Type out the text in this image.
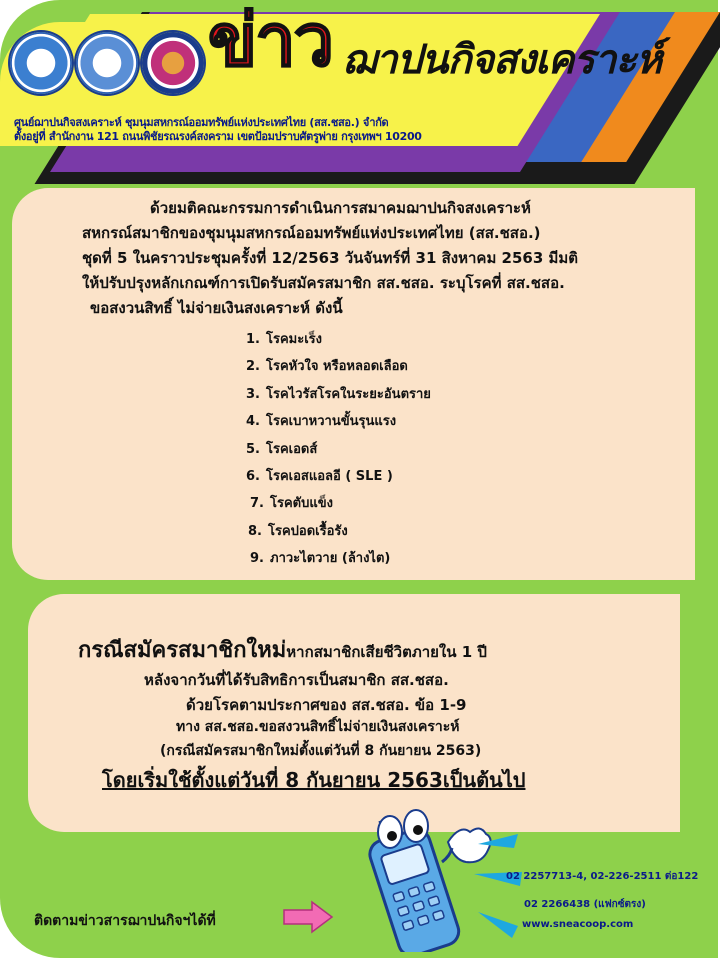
ข่าว ฌาปนกิจสงเคราะห์
ศูนย์ฌาปนกิจสงเคราะห์ ชุมนุมสหกรณ์ออมทรัพย์แห่งประเทศไทย (สส.ชสอ.) จำกัด
ตั้งอยู่ที่ สำนักงาน 121 ถนนพิชัยรณรงค์สงคราม เขตป้อมปราบศัตรูพ่าย กรุงเทพฯ 10200
ด้วยมติคณะกรรมการดำเนินการสมาคมฌาปนกิจสงเคราะห์
สหกรณ์สมาชิกของชุมนุมสหกรณ์ออมทรัพย์แห่งประเทศไทย (สส.ชสอ.)
ชุดที่ 5 ในคราวประชุมครั้งที่ 12/2563 วันจันทร์ที่ 31 สิงหาคม 2563 มีมติ
ให้ปรับปรุงหลักเกณฑ์การเปิดรับสมัครสมาชิก สส.ชสอ. ระบุโรคที่ สส.ชสอ.
ขอสงวนสิทธิ์ ไม่จ่ายเงินสงเคราะห์ ดังนี้
1. โรคมะเร็ง
2. โรคหัวใจ หรือหลอดเลือด
3. โรคไวรัสโรคในระยะอันตราย
4. โรคเบาหวานขั้นรุนแรง
5. โรคเอดส์
6. โรคเอสแอลอี ( SLE )
7. โรคตับแข็ง
8. โรคปอดเรื้อรัง
9. ภาวะไตวาย (ล้างไต)
กรณีสมัครสมาชิกใหม่หากสมาชิกเสียชีวิตภายใน 1 ปี
หลังจากวันที่ได้รับสิทธิการเป็นสมาชิก สส.ชสอ.
ด้วยโรคตามประกาศของ สส.ชสอ. ข้อ 1-9
ทาง สส.ชสอ.ขอสงวนสิทธิ์ไม่จ่ายเงินสงเคราะห์
(กรณีสมัครสมาชิกใหม่ตั้งแต่วันที่ 8 กันยายน 2563)
โดยเริ่มใช้ตั้งแต่วันที่ 8 กันยายน 2563เป็นต้นไป
02 2257713-4, 02-226-2511 ต่อ122
02 2266438 (แฟกซ์ตรง)
www.sneacoop.com
ติดตามข่าวสารฌาปนกิจฯได้ที่
